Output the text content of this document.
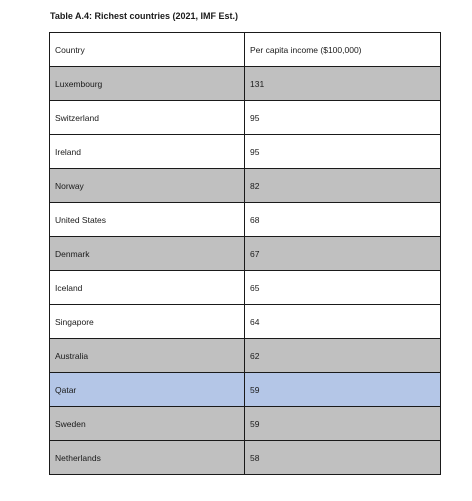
Table A.4: Richest countries (2021, IMF Est.)
Country	Per capita income ($100,000)
Luxembourg	131
Switzerland	95
Ireland	95
Norway	82
United States	68
Denmark	67
Iceland	65
Singapore	64
Australia	62
Qatar	59
Sweden	59
Netherlands	58
